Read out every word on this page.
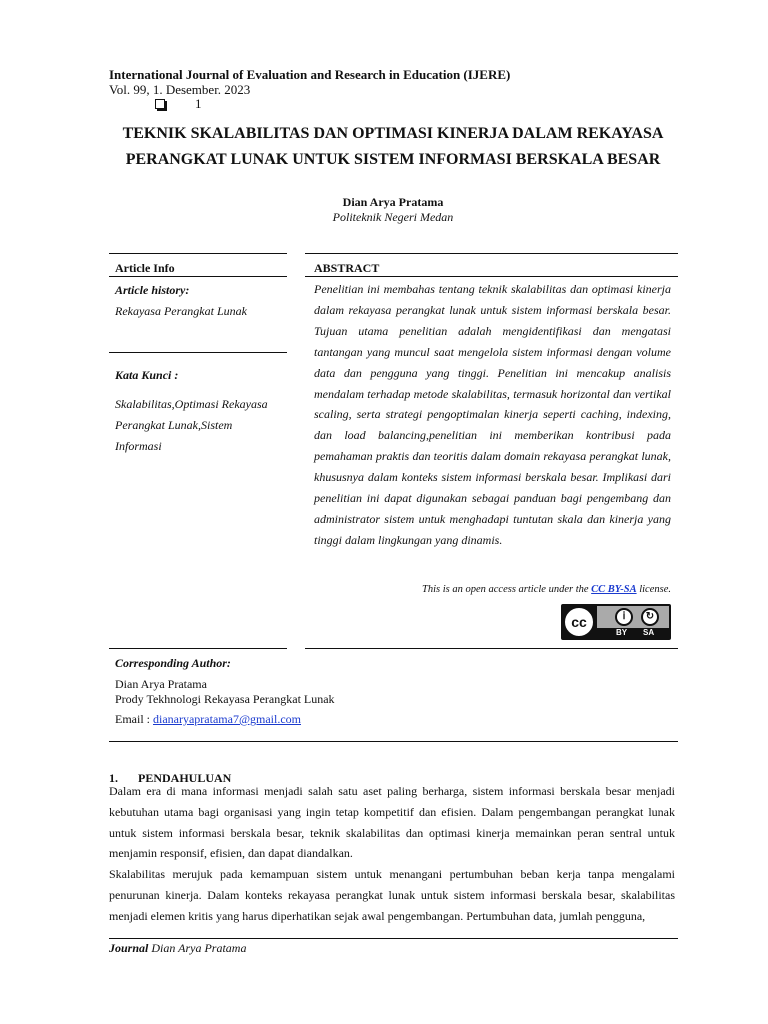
International Journal of Evaluation and Research in Education (IJERE)
Vol. 99, 1. Desember. 2023
1
TEKNIK SKALABILITAS DAN OPTIMASI KINERJA DALAM REKAYASA
PERANGKAT LUNAK UNTUK SISTEM INFORMASI BERSKALA BESAR
Dian Arya Pratama
Politeknik Negeri Medan
Article Info
Article history:
Rekayasa Perangkat Lunak
Kata Kunci :
Skalabilitas,Optimasi Rekayasa Perangkat Lunak,Sistem Informasi
ABSTRACT
Penelitian ini membahas tentang teknik skalabilitas dan optimasi kinerja dalam rekayasa perangkat lunak untuk sistem informasi berskala besar. Tujuan utama penelitian adalah mengidentifikasi dan mengatasi tantangan yang muncul saat mengelola sistem informasi dengan volume data dan pengguna yang tinggi. Penelitian ini mencakup analisis mendalam terhadap metode skalabilitas, termasuk horizontal dan vertikal scaling, serta strategi pengoptimalan kinerja seperti caching, indexing, dan load balancing,penelitian ini memberikan kontribusi pada pemahaman praktis dan teoritis dalam domain rekayasa perangkat lunak, khususnya dalam konteks sistem informasi berskala besar. Implikasi dari penelitian ini dapat digunakan sebagai panduan bagi pengembang dan administrator sistem untuk menghadapi tuntutan skala dan kinerja yang tinggi dalam lingkungan yang dinamis.
This is an open access article under the CC BY-SA license.
cc	𝗂	↻
BY SA
Corresponding Author:
Dian Arya Pratama
Prody Tekhnologi Rekayasa Perangkat Lunak
Email : dianaryapratama7@gmail.com
1. PENDAHULUAN
Dalam era di mana informasi menjadi salah satu aset paling berharga, sistem informasi berskala besar menjadi kebutuhan utama bagi organisasi yang ingin tetap kompetitif dan efisien. Dalam pengembangan perangkat lunak untuk sistem informasi berskala besar, teknik skalabilitas dan optimasi kinerja memainkan peran sentral untuk menjamin responsif, efisien, dan dapat diandalkan.
Skalabilitas merujuk pada kemampuan sistem untuk menangani pertumbuhan beban kerja tanpa mengalami penurunan kinerja. Dalam konteks rekayasa perangkat lunak untuk sistem informasi berskala besar, skalabilitas menjadi elemen kritis yang harus diperhatikan sejak awal pengembangan. Pertumbuhan data, jumlah pengguna,
Journal Dian Arya Pratama
